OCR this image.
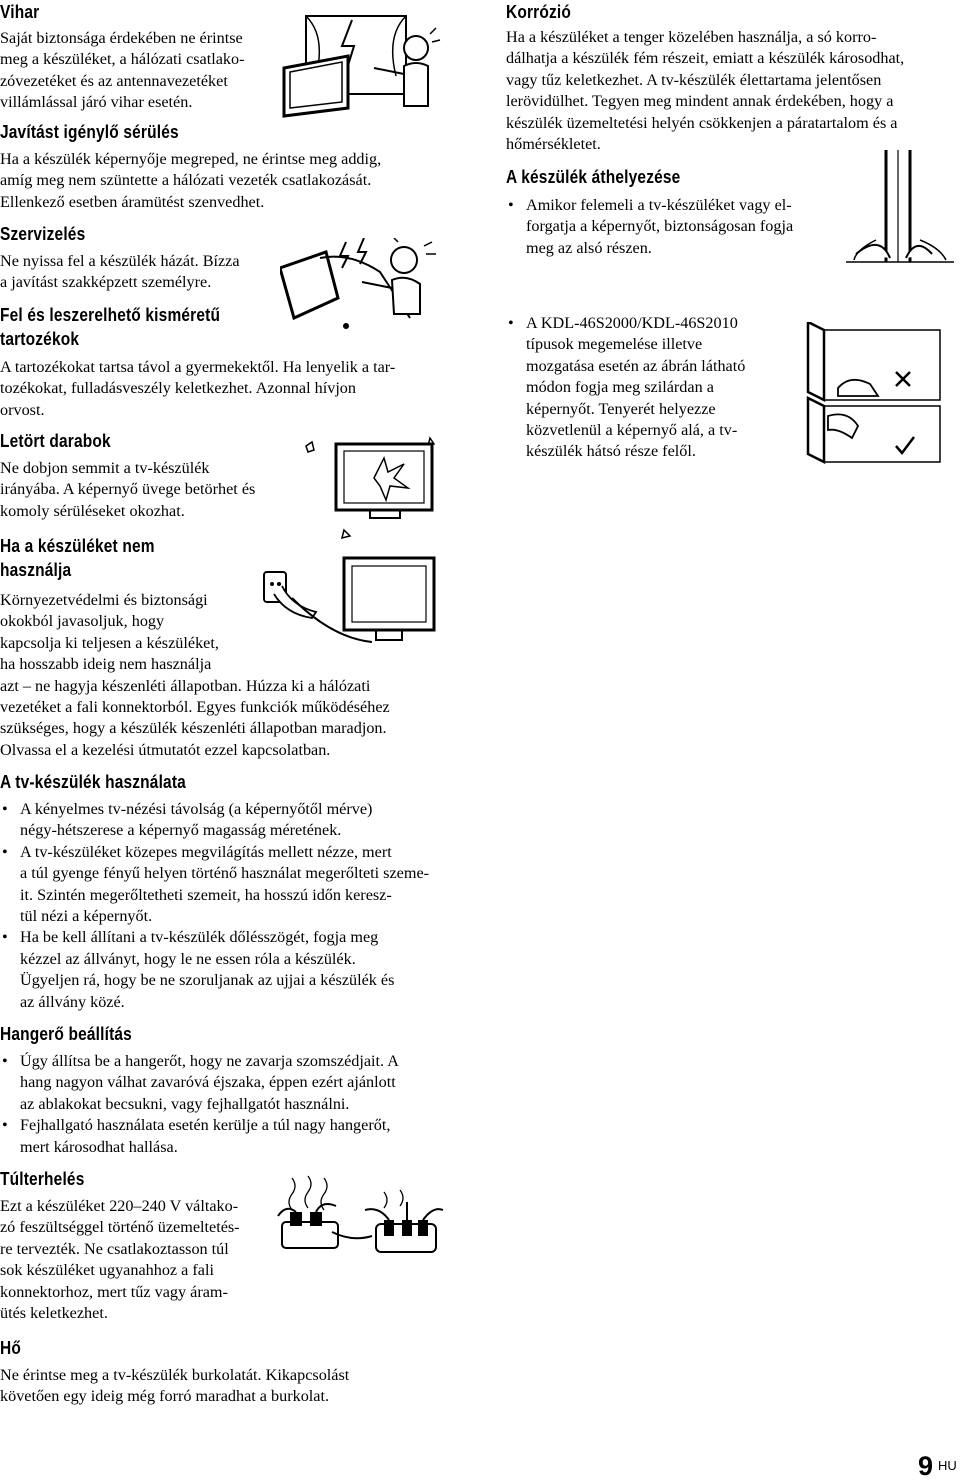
Vihar

Saját biztonsága érdekében ne érintse
meg a készüléket, a hálózati csatlako-
zóvezetéket és az antennavezetéket
villámlással járó vihar esetén.

Javítást igénylő sérülés

Ha a készülék képernyője megreped, ne érintse meg addig,
amíg meg nem szüntette a hálózati vezeték csatlakozását.
Ellenkező esetben áramütést szenvedhet.

Szervizelés

Ne nyissa fel a készülék házát. Bízza
a javítást szakképzett személyre.

Fel és leszerelhető kisméretű
tartozékok

A tartozékokat tartsa távol a gyermekektől. Ha lenyelik a tar-
tozékokat, fulladásveszély keletkezhet. Azonnal hívjon
orvost.

Letört darabok

Ne dobjon semmit a tv-készülék
irányába. A képernyő üvege betörhet és
komoly sérüléseket okozhat.

Ha a készüléket nem
használja

Környezetvédelmi és biztonsági
okokból javasoljuk, hogy
kapcsolja ki teljesen a készüléket,
ha hosszabb ideig nem használja
azt – ne hagyja készenléti állapotban. Húzza ki a hálózati
vezetéket a fali konnektorból. Egyes funkciók működéséhez
szükséges, hogy a készülék készenléti állapotban maradjon.
Olvassa el a kezelési útmutatót ezzel kapcsolatban.

A tv-készülék használata
• A kényelmes tv-nézési távolság (a képernyőtől mérve)
négy-hétszerese a képernyő magasság méretének.
• A tv-készüléket közepes megvilágítás mellett nézze, mert
a túl gyenge fényű helyen történő használat megerőlteti szeme-
it. Szintén megerőltetheti szemeit, ha hosszú időn keresz-
tül nézi a képernyőt.
• Ha be kell állítani a tv-készülék dőlésszögét, fogja meg
kézzel az állványt, hogy le ne essen róla a készülék.
Ügyeljen rá, hogy be ne szoruljanak az ujjai a készülék és
az állvány közé.
Hangerő beállítás
• Úgy állítsa be a hangerőt, hogy ne zavarja szomszédjait. A
hang nagyon válhat zavaróvá éjszaka, éppen ezért ajánlott
az ablakokat becsukni, vagy fejhallgatót használni.
• Fejhallgató használata esetén kerülje a túl nagy hangerőt,
mert károsodhat hallása.
Túlterhelés

Ezt a készüléket 220–240 V váltako-
zó feszültséggel történő üzemeltetés-
re tervezték. Ne csatlakoztasson túl
sok készüléket ugyanahhoz a fali
konnektorhoz, mert tűz vagy áram-
ütés keletkezhet.

Hő

Ne érintse meg a tv-készülék burkolatát. Kikapcsolást
követően egy ideig még forró maradhat a burkolat.

Korrózió

Ha a készüléket a tenger közelében használja, a só korro-
dálhatja a készülék fém részeit, emiatt a készülék károsodhat,
vagy tűz keletkezhet. A tv-készülék élettartama jelentősen
lerövidülhet. Tegyen meg mindent annak érdekében, hogy a
készülék üzemeltetési helyén csökkenjen a páratartalom és a
hőmérsékletet.

A készülék áthelyezése
• Amikor felemeli a tv-készüléket vagy el-
forgatja a képernyőt, biztonságosan fogja
meg az alsó részen.
• A KDL-46S2000/KDL-46S2010
típusok megemelése illetve
mozgatása esetén az ábrán látható
módon fogja meg szilárdan a
képernyőt. Tenyerét helyezze
közvetlenül a képernyő alá, a tv-
készülék hátsó része felől.
9 HU
